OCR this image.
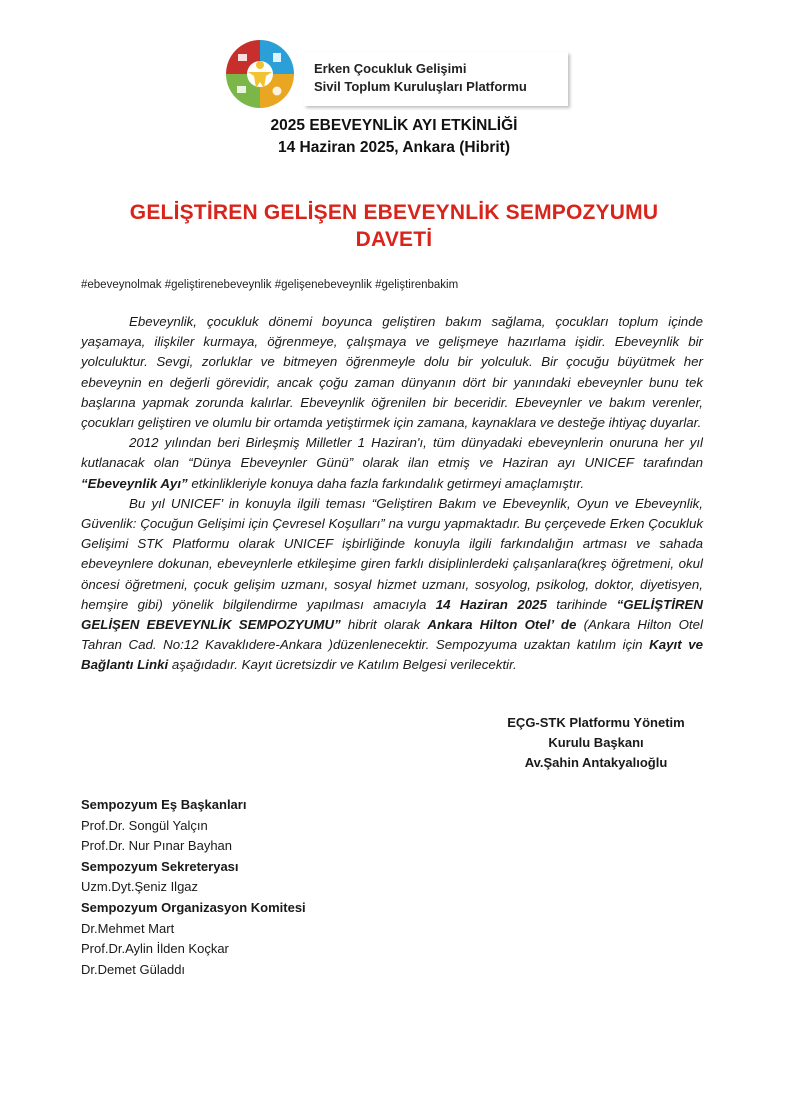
Erken Çocukluk Gelişimi
Sivil Toplum Kuruluşları Platformu
2025 EBEVEYNLİK AYI ETKİNLİĞİ
14 Haziran 2025, Ankara (Hibrit)
GELİŞTİREN GELİŞEN EBEVEYNLİK SEMPOZYUMU
DAVETİ
#ebeveynolmak #geliştirenebeveynlik #gelişenebeveynlik #geliştirenbakim

Ebeveynlik, çocukluk dönemi boyunca geliştiren bakım sağlama, çocukları toplum içinde yaşamaya, ilişkiler kurmaya, öğrenmeye, çalışmaya ve gelişmeye hazırlama işidir. Ebeveynlik bir yolculuktur. Sevgi, zorluklar ve bitmeyen öğrenmeyle dolu bir yolculuk. Bir çocuğu büyütmek her ebeveynin en değerli görevidir, ancak çoğu zaman dünyanın dört bir yanındaki ebeveynler bunu tek başlarına yapmak zorunda kalırlar. Ebeveynlik öğrenilen bir beceridir. Ebeveynler ve bakım verenler, çocukları geliştiren ve olumlu bir ortamda yetiştirmek için zamana, kaynaklara ve desteğe ihtiyaç duyarlar.

2012 yılından beri Birleşmiş Milletler 1 Haziran'ı, tüm dünyadaki ebeveynlerin onuruna her yıl kutlanacak olan “Dünya Ebeveynler Günü” olarak ilan etmiş ve Haziran ayı UNICEF tarafından “Ebeveynlik Ayı” etkinlikleriyle konuya daha fazla farkındalık getirmeyi amaçlamıştır.

Bu yıl UNICEF’ in konuyla ilgili teması “Geliştiren Bakım ve Ebeveynlik, Oyun ve Ebeveynlik, Güvenlik: Çocuğun Gelişimi için Çevresel Koşulları” na vurgu yapmaktadır. Bu çerçevede Erken Çocukluk Gelişimi STK Platformu olarak UNICEF işbirliğinde konuyla ilgili farkındalığın artması ve sahada ebeveynlere dokunan, ebeveynlerle etkileşime giren farklı disiplinlerdeki çalışanlara(kreş öğretmeni, okul öncesi öğretmeni, çocuk gelişim uzmanı, sosyal hizmet uzmanı, sosyolog, psikolog, doktor, diyetisyen, hemşire gibi) yönelik bilgilendirme yapılması amacıyla 14 Haziran 2025 tarihinde “GELİŞTİREN GELİŞEN EBEVEYNLİK SEMPOZYUMU” hibrit olarak Ankara Hilton Otel’ de (Ankara Hilton Otel Tahran Cad. No:12 Kavaklıdere-Ankara )düzenlenecektir. Sempozyuma uzaktan katılım için Kayıt ve Bağlantı Linki aşağıdadır. Kayıt ücretsizdir ve Katılım Belgesi verilecektir.

EÇG-STK Platformu Yönetim
Kurulu Başkanı
Av.Şahin Antakyalıoğlu
Sempozyum Eş Başkanları
Prof.Dr. Songül Yalçın
Prof.Dr. Nur Pınar Bayhan
Sempozyum Sekreteryası
Uzm.Dyt.Şeniz Ilgaz
Sempozyum Organizasyon Komitesi
Dr.Mehmet Mart
Prof.Dr.Aylin İlden Koçkar
Dr.Demet Güladdı
